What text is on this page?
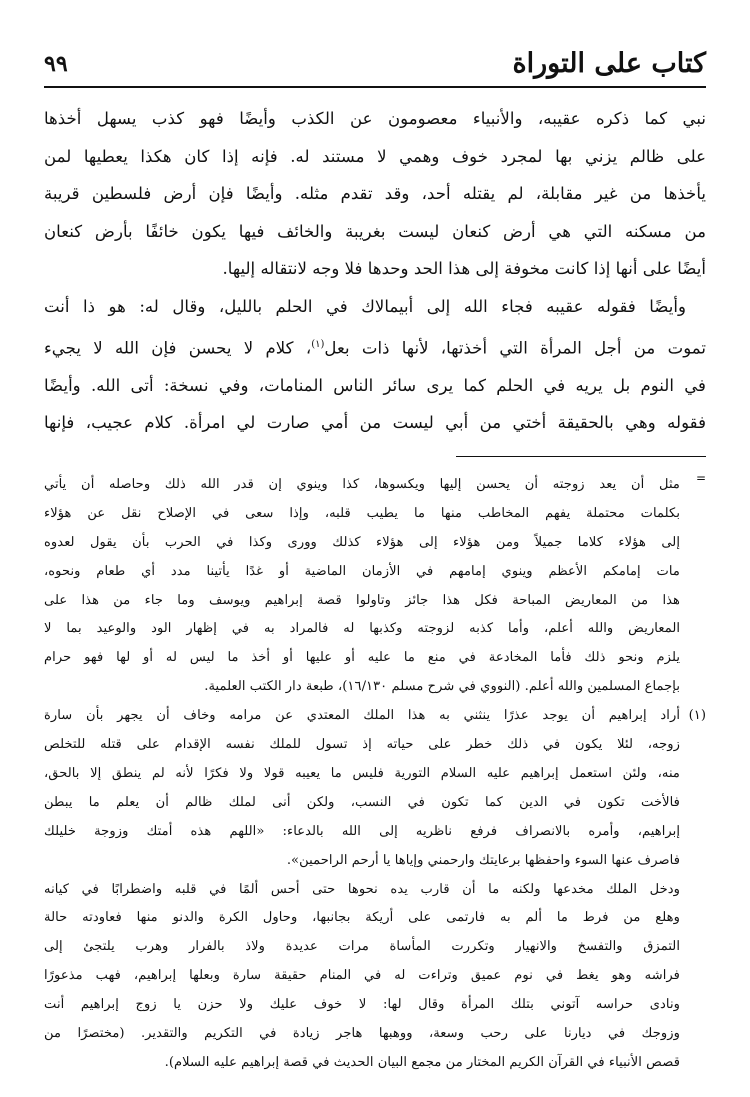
كتاب على التوراة
٩٩

نبي كما ذكره عقيبه، والأنبياء معصومون عن الكذب وأيضًا فهو كذب يسهل أخذها

على ظالم يزني بها لمجرد خوف وهمي لا مستند له. فإنه إذا كان هكذا يعطيها لمن

يأخذها من غير مقابلة، لم يقتله أحد، وقد تقدم مثله. وأيضًا فإن أرض فلسطين قريبة

من مسكنه التي هي أرض كنعان ليست بغريبة والخائف فيها يكون خائفًا بأرض كنعان

أيضًا على أنها إذا كانت مخوفة إلى هذا الحد وحدها فلا وجه لانتقاله إليها.

وأيضًا فقوله عقيبه فجاء الله إلى أبيمالاك في الحلم بالليل، وقال له: هو ذا أنت

تموت من أجل المرأة التي أخذتها، لأنها ذات بعل$^{(١)}$، كلام لا يحسن فإن الله لا يجيء

في النوم بل يريه في الحلم كما يرى سائر الناس المنامات، وفي نسخة: أتى الله. وأيضًا

فقوله وهي بالحقيقة أختي من أبي ليست من أمي صارت لي امرأة. كلام عجيب، فإنها

=

مثل أن يعد زوجته أن يحسن إليها ويكسوها، كذا وينوي إن قدر الله ذلك وحاصله أن يأتي

بكلمات محتملة يفهم المخاطب منها ما يطيب قلبه، وإذا سعى في الإصلاح نقل عن هؤلاء

إلى هؤلاء كلاما جميلاً ومن هؤلاء إلى هؤلاء كذلك وورى وكذا في الحرب بأن يقول لعدوه

مات إمامكم الأعظم وينوي إمامهم في الأزمان الماضية أو غدًا يأتينا مدد أي طعام ونحوه،

هذا من المعاريض المباحة فكل هذا جائز وتاولوا قصة إبراهيم ويوسف وما جاء من هذا على

المعاريض والله أعلم، وأما كذبه لزوجته وكذبها له فالمراد به في إظهار الود والوعيد بما لا

يلزم ونحو ذلك فأما المخادعة في منع ما عليه أو عليها أو أخذ ما ليس له أو لها فهو حرام

بإجماع المسلمين والله أعلم. (النووي في شرح مسلم ١٦/١٣٠)، طبعة دار الكتب العلمية.

(١)

أراد إبراهيم أن يوجد عذرًا ينثني به هذا الملك المعتدي عن مرامه وخاف أن يجهر بأن سارة

زوجه، لئلا يكون في ذلك خطر على حياته إذ تسول للملك نفسه الإقدام على قتله للتخلص

منه، ولئن استعمل إبراهيم عليه السلام التورية فليس ما يعيبه قولا ولا فكرًا لأنه لم ينطق إلا بالحق،

فالأخت تكون في الدين كما تكون في النسب، ولكن أنى لملك ظالم أن يعلم ما يبطن

إبراهيم، وأمره بالانصراف فرفع ناظريه إلى الله بالدعاء: «اللهم هذه أمتك وزوجة خليلك

فاصرف عنها السوء واحفظها برعايتك وارحمني وإياها يا أرحم الراحمين».

ودخل الملك مخدعها ولكنه ما أن قارب يده نحوها حتى أحس ألمًا في قلبه واضطرابًا في كيانه

وهلع من فرط ما ألم به فارتمى على أريكة بجانبها، وحاول الكرة والدنو منها فعاودته حالة

التمزق والتفسخ والانهيار وتكررت المأساة مرات عديدة ولاذ بالفرار وهرب يلتجئ إلى

فراشه وهو يغط في نوم عميق وتراءت له في المنام حقيقة سارة وبعلها إبراهيم، فهب مذعورًا

ونادى حراسه آتوني بتلك المرأة وقال لها: لا خوف عليك ولا حزن يا زوج إبراهيم أنت

وزوجك في ديارنا على رحب وسعة، ووهبها هاجر زيادة في التكريم والتقدير. (مختصرًا من

قصص الأنبياء في القرآن الكريم المختار من مجمع البيان الحديث في قصة إبراهيم عليه السلام).
